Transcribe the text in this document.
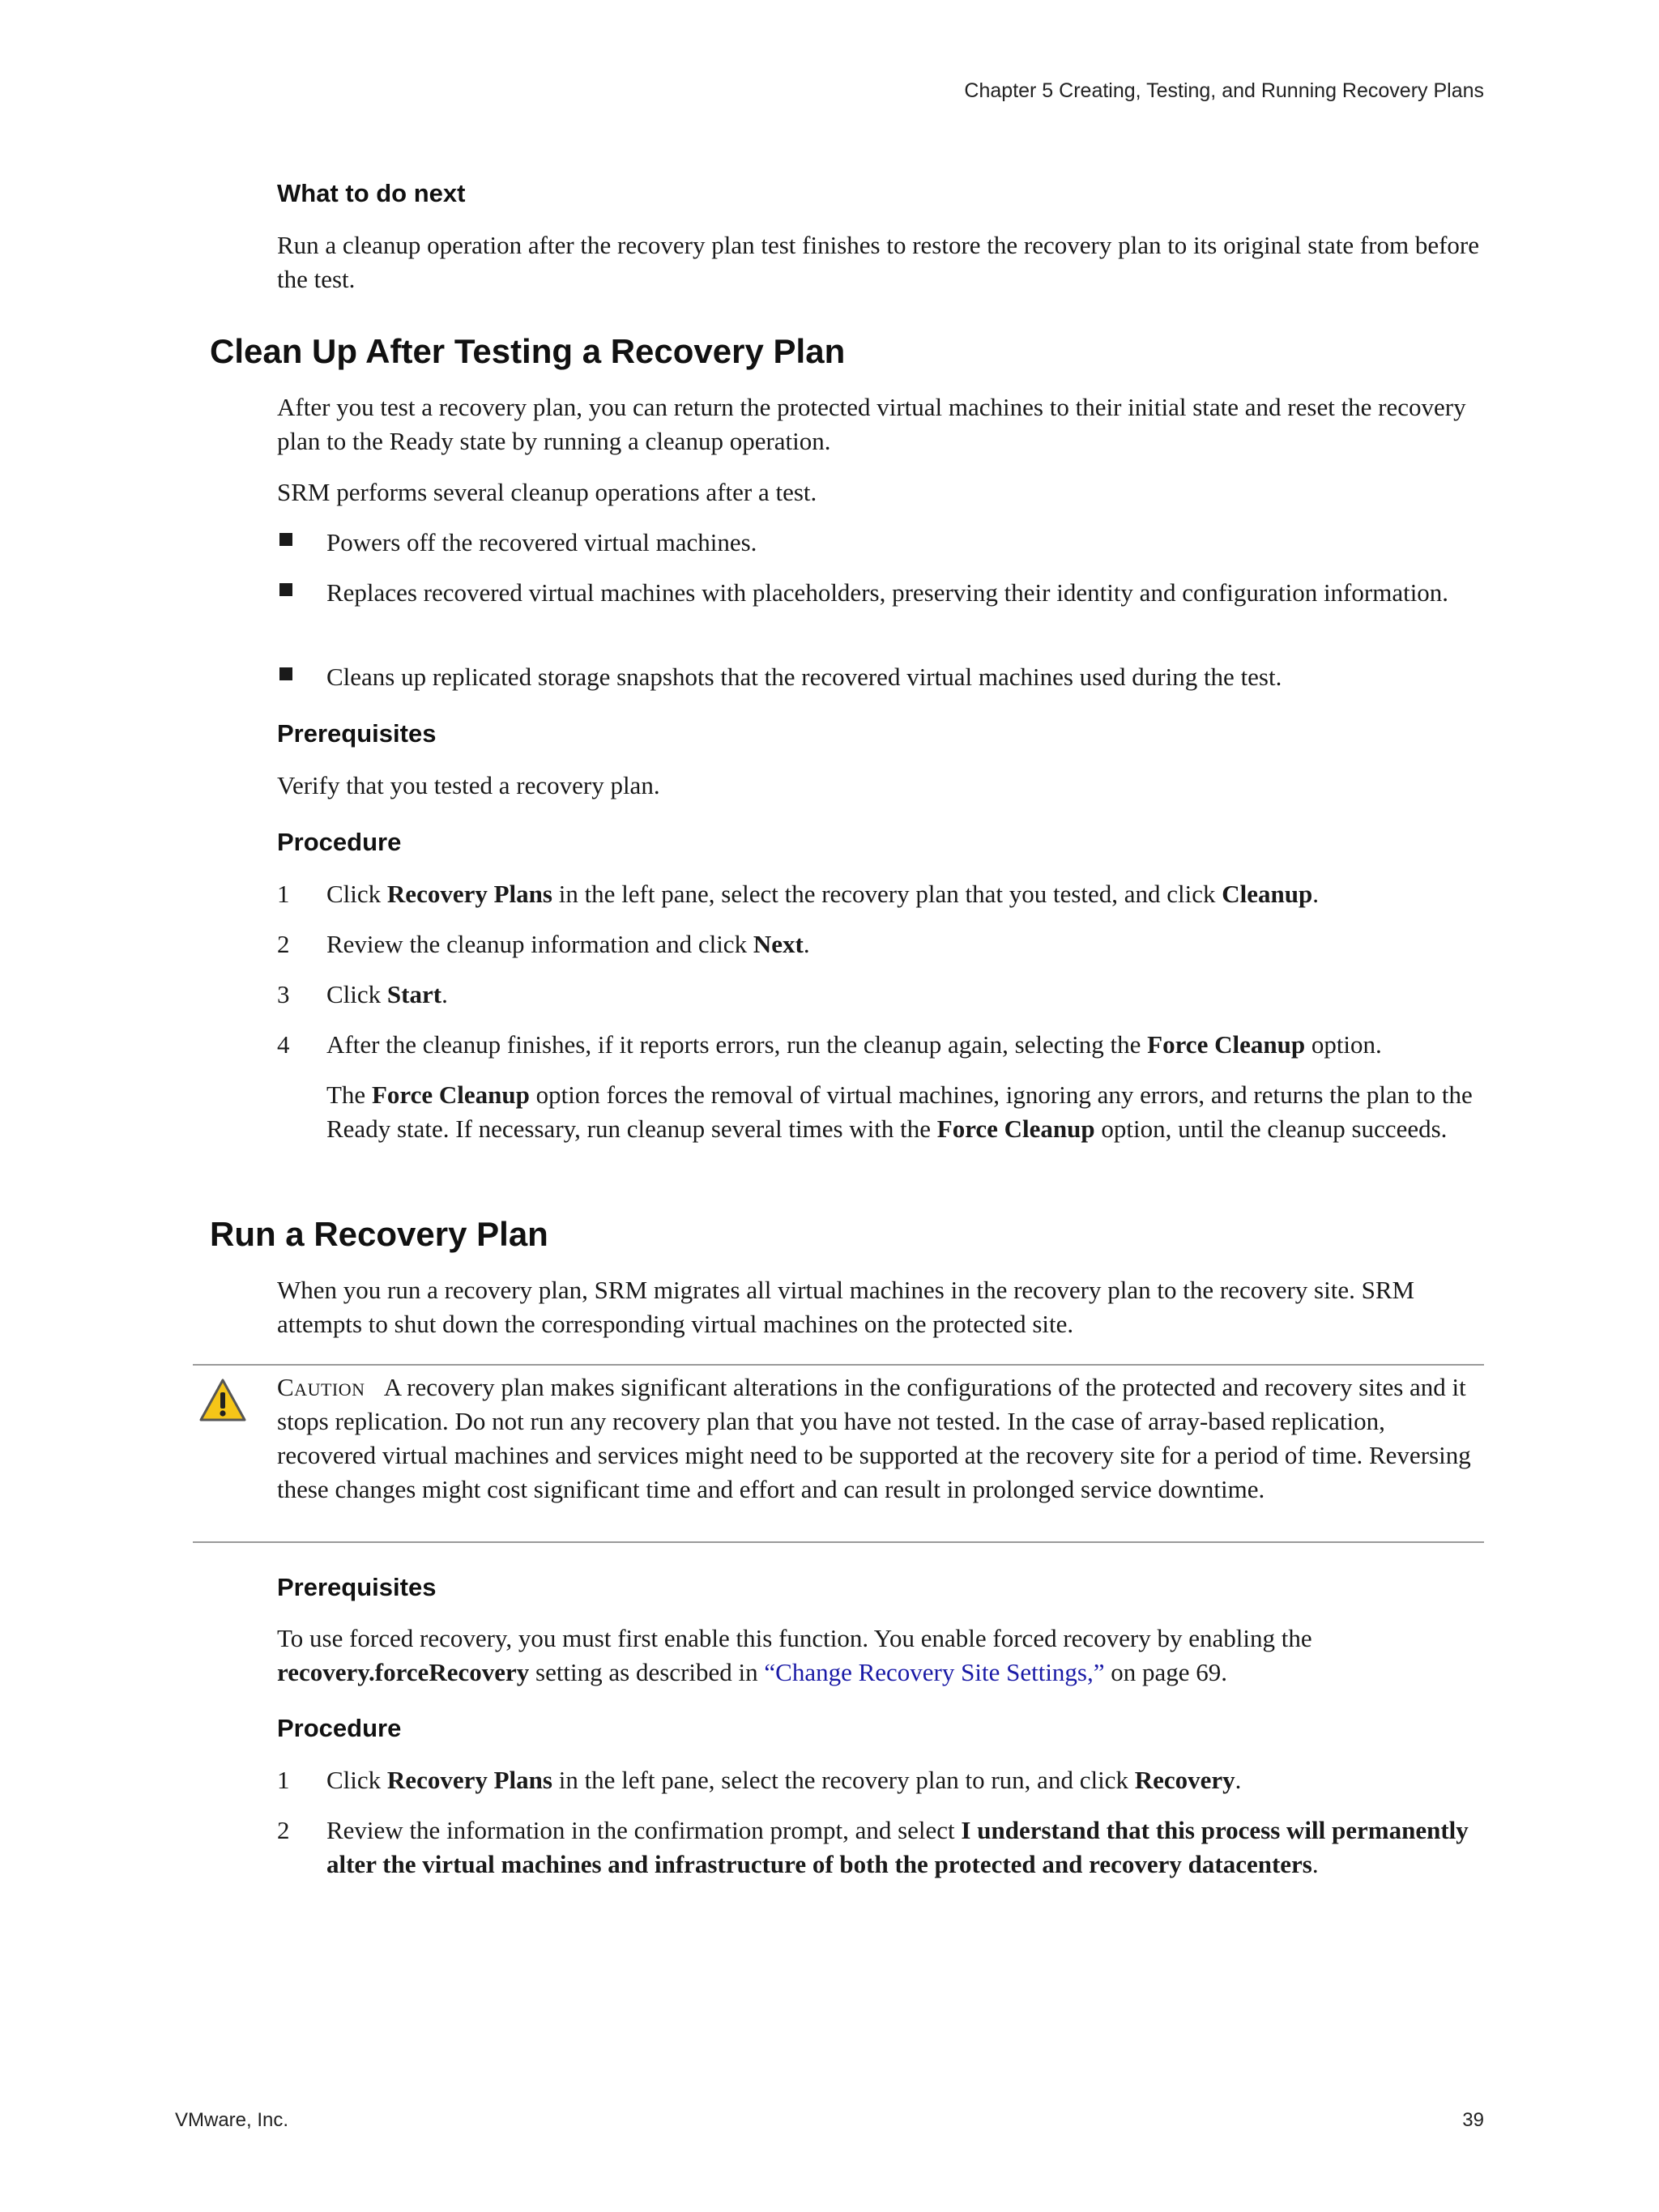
Chapter 5 Creating, Testing, and Running Recovery Plans
What to do next
Run a cleanup operation after the recovery plan test finishes to restore the recovery plan to its original state from before the test.
Clean Up After Testing a Recovery Plan
After you test a recovery plan, you can return the protected virtual machines to their initial state and reset the recovery plan to the Ready state by running a cleanup operation.
SRM performs several cleanup operations after a test.
Powers off the recovered virtual machines.
Replaces recovered virtual machines with placeholders, preserving their identity and configuration information.
Cleans up replicated storage snapshots that the recovered virtual machines used during the test.
Prerequisites
Verify that you tested a recovery plan.
Procedure
1	Click Recovery Plans in the left pane, select the recovery plan that you tested, and click Cleanup.
2	Review the cleanup information and click Next.
3	Click Start.
4	After the cleanup finishes, if it reports errors, run the cleanup again, selecting the Force Cleanup option.
The Force Cleanup option forces the removal of virtual machines, ignoring any errors, and returns the plan to the Ready state. If necessary, run cleanup several times with the Force Cleanup option, until the cleanup succeeds.
Run a Recovery Plan
When you run a recovery plan, SRM migrates all virtual machines in the recovery plan to the recovery site. SRM attempts to shut down the corresponding virtual machines on the protected site.
Caution A recovery plan makes significant alterations in the configurations of the protected and recovery sites and it stops replication. Do not run any recovery plan that you have not tested. In the case of array-based replication, recovered virtual machines and services might need to be supported at the recovery site for a period of time. Reversing these changes might cost significant time and effort and can result in prolonged service downtime.
Prerequisites
To use forced recovery, you must first enable this function. You enable forced recovery by enabling the recovery.forceRecovery setting as described in “Change Recovery Site Settings,” on page 69.
Procedure
1	Click Recovery Plans in the left pane, select the recovery plan to run, and click Recovery.
2	Review the information in the confirmation prompt, and select I understand that this process will permanently alter the virtual machines and infrastructure of both the protected and recovery datacenters.
VMware, Inc.	39
